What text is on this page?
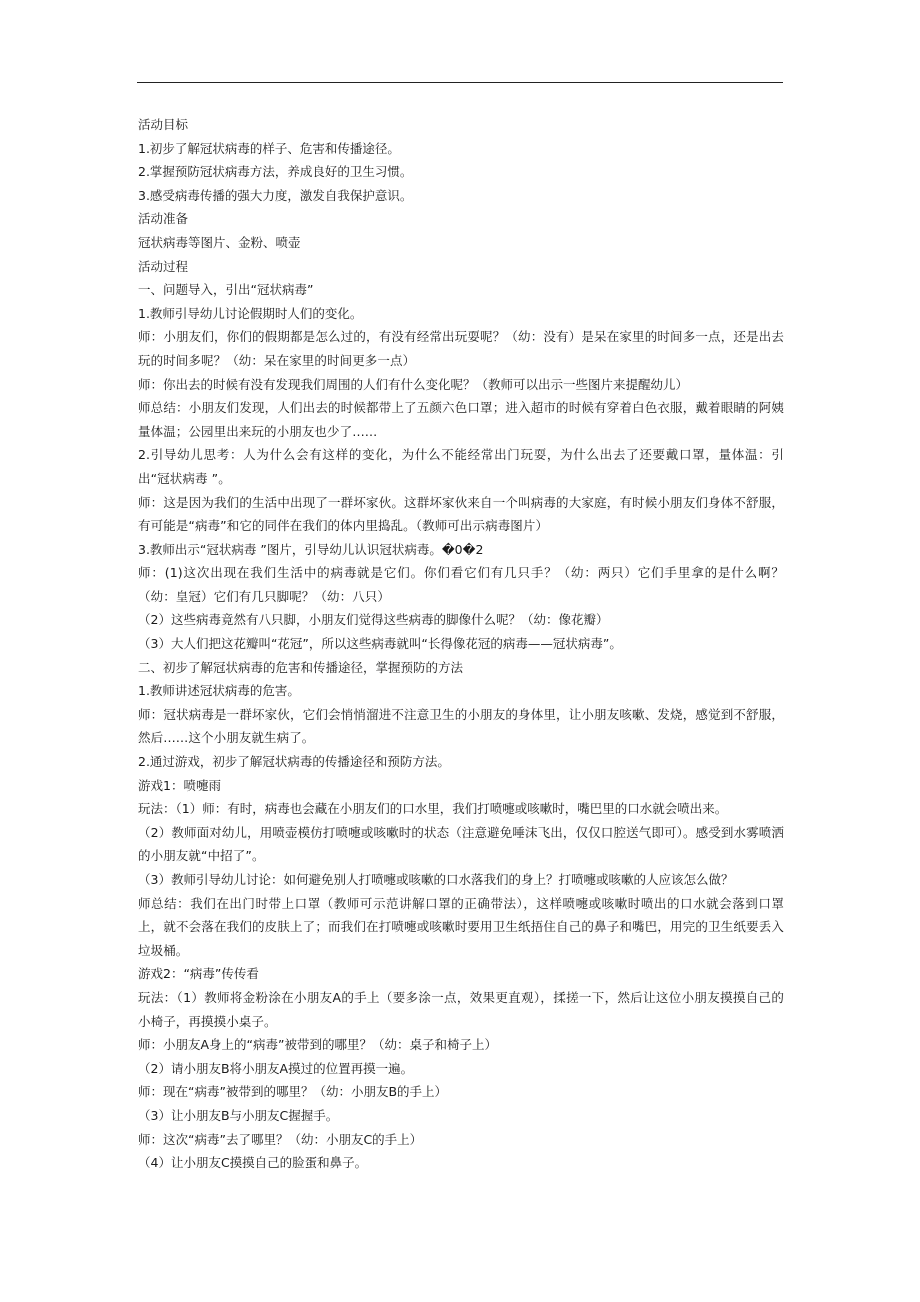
活动目标

1.初步了解冠状病毒的样子、危害和传播途径。

2.掌握预防冠状病毒方法，养成良好的卫生习惯。

3.感受病毒传播的强大力度，激发自我保护意识。

活动准备

冠状病毒等图片、金粉、喷壶

活动过程

一、问题导入，引出“冠状病毒”

1.教师引导幼儿讨论假期时人们的变化。

师：小朋友们，你们的假期都是怎么过的，有没有经常出玩耍呢？（幼：没有）是呆在家里的时间多一点，还是出去玩的时间多呢？（幼：呆在家里的时间更多一点）

师：你出去的时候有没有发现我们周围的人们有什么变化呢？（教师可以出示一些图片来提醒幼儿）

师总结：小朋友们发现，人们出去的时候都带上了五颜六色口罩；进入超市的时候有穿着白色衣服，戴着眼睛的阿姨量体温；公园里出来玩的小朋友也少了……

2.引导幼儿思考：人为什么会有这样的变化，为什么不能经常出门玩耍，为什么出去了还要戴口罩，量体温：引出“冠状病毒 ”。

师：这是因为我们的生活中出现了一群坏家伙。这群坏家伙来自一个叫病毒的大家庭，有时候小朋友们身体不舒服，有可能是“病毒”和它的同伴在我们的体内里捣乱。（教师可出示病毒图片）

3.教师出示“冠状病毒 ”图片，引导幼儿认识冠状病毒。�0�2

师：(1)这次出现在我们生活中的病毒就是它们。你们看它们有几只手？（幼：两只）它们手里拿的是什么啊？（幼：皇冠）它们有几只脚呢？（幼：八只）

（2）这些病毒竟然有八只脚，小朋友们觉得这些病毒的脚像什么呢？（幼：像花瓣）

（3）大人们把这花瓣叫“花冠”，所以这些病毒就叫“长得像花冠的病毒——冠状病毒”。

二、初步了解冠状病毒的危害和传播途径，掌握预防的方法

1.教师讲述冠状病毒的危害。

师：冠状病毒是一群坏家伙，它们会悄悄溜进不注意卫生的小朋友的身体里，让小朋友咳嗽、发烧，感觉到不舒服，然后……这个小朋友就生病了。

2.通过游戏，初步了解冠状病毒的传播途径和预防方法。

游戏1：喷嚏雨

玩法：（1）师：有时，病毒也会藏在小朋友们的口水里，我们打喷嚏或咳嗽时，嘴巴里的口水就会喷出来。

（2）教师面对幼儿，用喷壶模仿打喷嚏或咳嗽时的状态（注意避免唾沫飞出，仅仅口腔送气即可）。感受到水雾喷洒的小朋友就“中招了”。

（3）教师引导幼儿讨论：如何避免别人打喷嚏或咳嗽的口水落我们的身上？打喷嚏或咳嗽的人应该怎么做？

师总结：我们在出门时带上口罩（教师可示范讲解口罩的正确带法），这样喷嚏或咳嗽时喷出的口水就会落到口罩上，就不会落在我们的皮肤上了；而我们在打喷嚏或咳嗽时要用卫生纸捂住自己的鼻子和嘴巴，用完的卫生纸要丢入垃圾桶。

游戏2：“病毒”传传看

玩法：（1）教师将金粉涂在小朋友A的手上（要多涂一点，效果更直观），揉搓一下，然后让这位小朋友摸摸自己的小椅子，再摸摸小桌子。

师：小朋友A身上的“病毒”被带到的哪里？（幼：桌子和椅子上）

（2）请小朋友B将小朋友A摸过的位置再摸一遍。

师：现在“病毒”被带到的哪里？（幼：小朋友B的手上）

（3）让小朋友B与小朋友C握握手。

师：这次“病毒”去了哪里？（幼：小朋友C的手上）

（4）让小朋友C摸摸自己的脸蛋和鼻子。
